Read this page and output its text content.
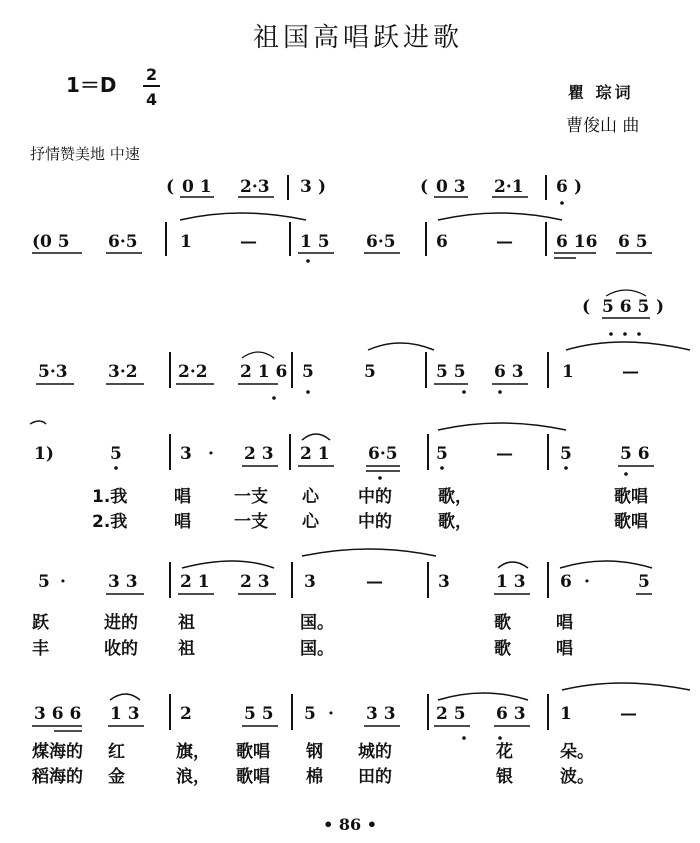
祖国高唱跃进歌
1＝D 2
4	瞿 琮词
曹俊山 曲
抒情赞美地 中速
( 0 1 2·3 3 )	( 0 3 2·1 6 )
(0 5 6·5 1	—	1 5 6·5 6	—	6 16 6 5
( 5 6 5 )
5·3 3·2 2·2 2 1 6 5	5	5 5 6 3 1	—
1)	5	3 · 2 3 2 1 6·5 5	—	5	5 6
1.我	唱	一支 心 中的	歌，	歌唱
2.我	唱	一支 心 中的	歌，	歌唱
5 · 3 3 2 1 2 3 3	—	3	1 3 6 ·	5
跃	进的 祖	国。	歌	唱
丰	收的 祖	国。	歌	唱
3 6 6 1 3 2	5 5 5 · 3 3 2 5 6 3 1	—
煤海的 红	旗， 歌唱 钢 城的	花	朵。
稻海的 金	浪， 歌唱 棉 田的	银	波。
• 86 •
